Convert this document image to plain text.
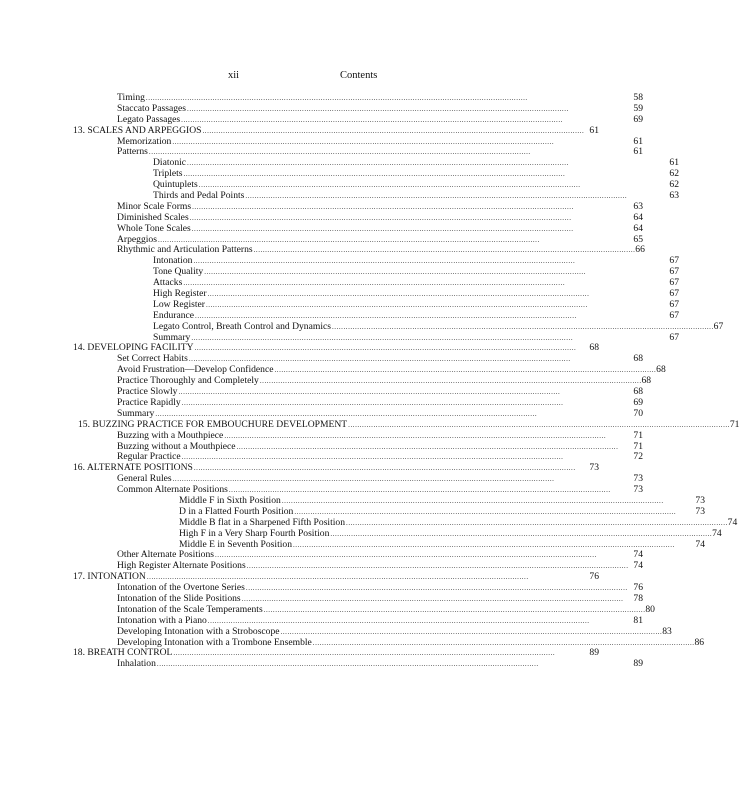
xii	Contents
Timing . . .	58
Staccato Passages . . .	59
Legato Passages . . .	69
13. SCALES AND ARPEGGIOS . . .	61
Memorization . . .	61
Patterns . . .	61
Diatonic . . .	61
Triplets . . .	62
Quintuplets . . .	62
Thirds and Pedal Points . . .	63
Minor Scale Forms . . .	63
Diminished Scales . . .	64
Whole Tone Scales . . .	64
Arpeggios . . .	65
Rhythmic and Articulation Patterns . . .	66
Intonation . . .	67
Tone Quality . . .	67
Attacks . . .	67
High Register . . .	67
Low Register . . .	67
Endurance . . .	67
Legato Control, Breath Control and Dynamics . . .	67
Summary . . .	67
14. DEVELOPING FACILITY . . .	68
Set Correct Habits . . .	68
Avoid Frustration—Develop Confidence . . .	68
Practice Thoroughly and Completely . . .	68
Practice Slowly . . .	68
Practice Rapidly . . .	69
Summary . . .	70
15. BUZZING PRACTICE FOR EMBOUCHURE DEVELOPMENT . . .	71
Buzzing with a Mouthpiece . . .	71
Buzzing without a Mouthpiece . . .	71
Regular Practice . . .	72
16. ALTERNATE POSITIONS . . .	73
General Rules . . .	73
Common Alternate Positions . . .	73
Middle F in Sixth Position . . .	73
D in a Flatted Fourth Position . . .	73
Middle B flat in a Sharpened Fifth Position . . .	74
High F in a Very Sharp Fourth Position . . .	74
Middle E in Seventh Position . . .	74
Other Alternate Positions . . .	74
High Register Alternate Positions . . .	74
17. INTONATION . . .	76
Intonation of the Overtone Series . . .	76
Intonation of the Slide Positions . . .	78
Intonation of the Scale Temperaments . . .	80
Intonation with a Piano . . .	81
Developing Intonation with a Stroboscope . . .	83
Developing Intonation with a Trombone Ensemble . . .	86
18. BREATH CONTROL . . .	89
Inhalation . . .	89
